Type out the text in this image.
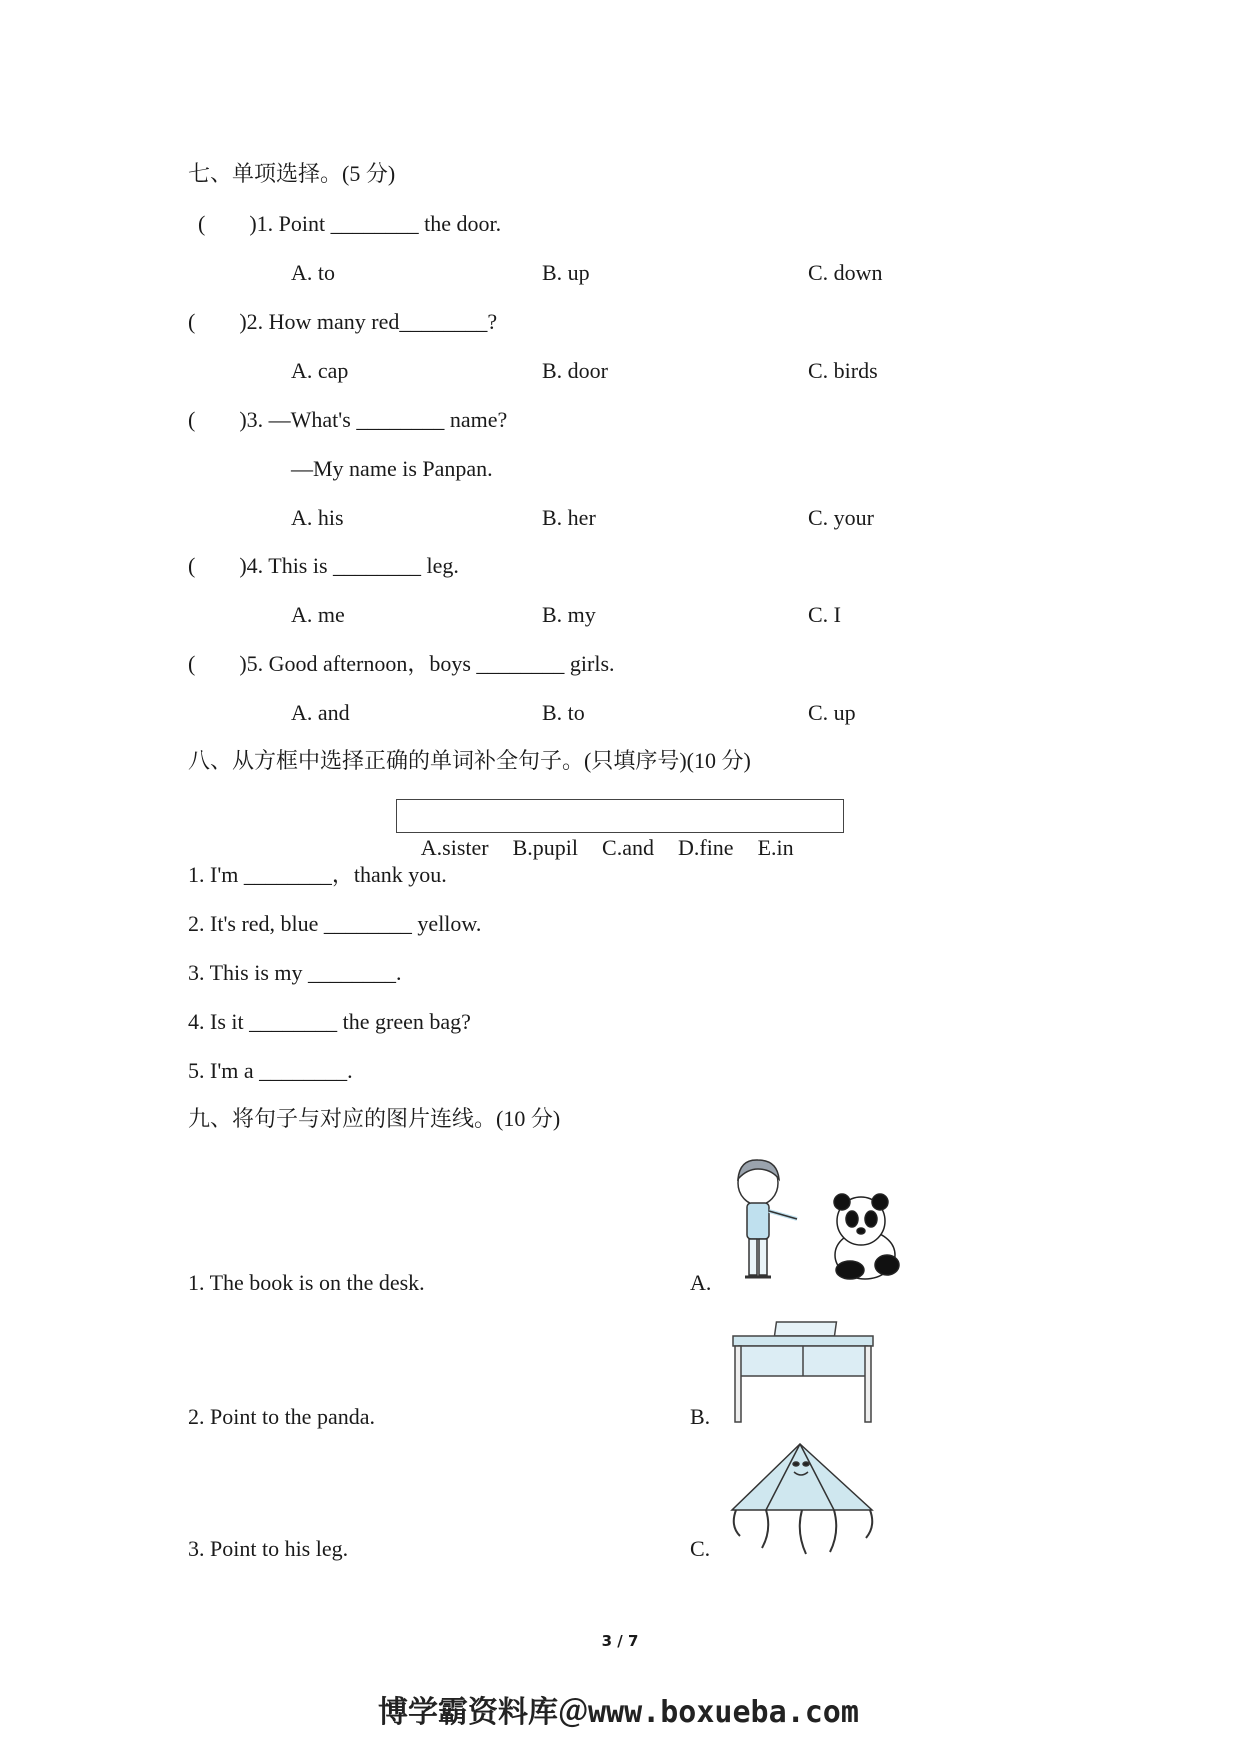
七、单项选择。(5 分)
(        )1. Point ________ the door.
A. to	B. up	C. down
(        )2. How many red________?
A. cap	B. door	C. birds
(        )3. —What's ________ name?
—My name is Panpan.
A. his	B. her	C. your
(        )4. This is ________ leg.
A. me	B. my	C. I
(        )5. Good afternoon，boys ________ girls.
A. and	B. to	C. up
八、从方框中选择正确的单词补全句子。(只填序号)(10 分)

A.sister B.pupil C.and D.fine E.in

1. I'm ________，thank you.
2. It's red, blue ________ yellow.
3. This is my ________.
4. Is it ________ the green bag?
5. I'm a ________.
九、将句子与对应的图片连线。(10 分)
1. The book is on the desk.
2. Point to the panda.
3. Point to his leg.
A.
B.
C.
3 / 7
博学霸资料库＠www.boxueba.com
